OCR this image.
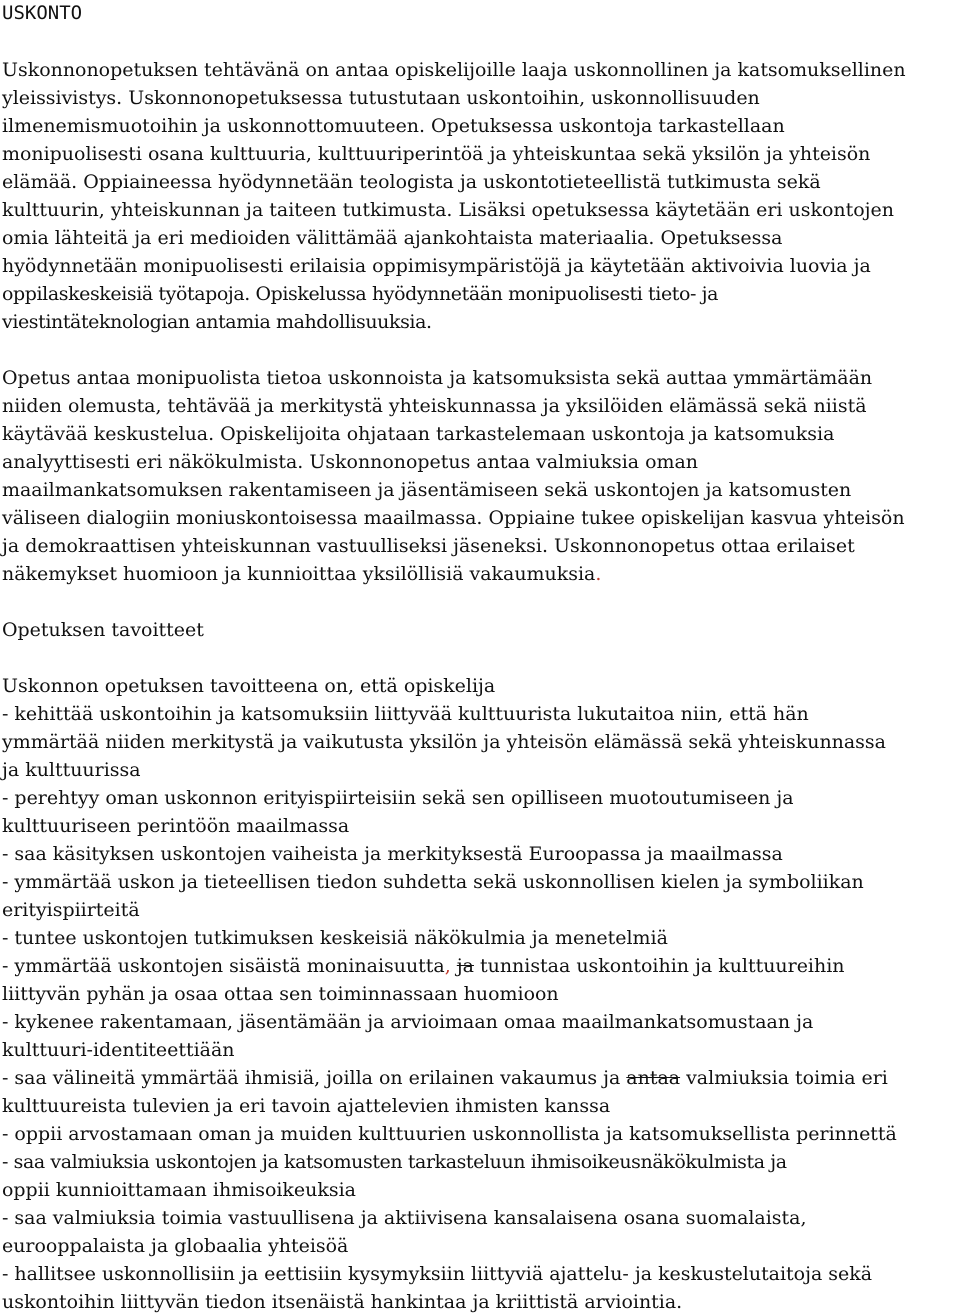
USKONTO
Uskonnonopetuksen tehtävänä on antaa opiskelijoille laaja uskonnollinen ja katsomuksellinen
yleissivistys. Uskonnonopetuksessa tutustutaan uskontoihin, uskonnollisuuden
ilmenemismuotoihin ja uskonnottomuuteen. Opetuksessa uskontoja tarkastellaan
monipuolisesti osana kulttuuria, kulttuuriperintöä ja yhteiskuntaa sekä yksilön ja yhteisön
elämää. Oppiaineessa hyödynnetään teologista ja uskontotieteellistä tutkimusta sekä
kulttuurin, yhteiskunnan ja taiteen tutkimusta. Lisäksi opetuksessa käytetään eri uskontojen
omia lähteitä ja eri medioiden välittämää ajankohtaista materiaalia. Opetuksessa
hyödynnetään monipuolisesti erilaisia oppimisympäristöjä ja käytetään aktivoivia luovia ja
oppilaskeskeisiä työtapoja. Opiskelussa hyödynnetään monipuolisesti tieto- ja
viestintäteknologian antamia mahdollisuuksia.
Opetus antaa monipuolista tietoa uskonnoista ja katsomuksista sekä auttaa ymmärtämään
niiden olemusta, tehtävää ja merkitystä yhteiskunnassa ja yksilöiden elämässä sekä niistä
käytävää keskustelua. Opiskelijoita ohjataan tarkastelemaan uskontoja ja katsomuksia
analyyttisesti eri näkökulmista. Uskonnonopetus antaa valmiuksia oman
maailmankatsomuksen rakentamiseen ja jäsentämiseen sekä uskontojen ja katsomusten
väliseen dialogiin moniuskontoisessa maailmassa. Oppiaine tukee opiskelijan kasvua yhteisön
ja demokraattisen yhteiskunnan vastuulliseksi jäseneksi. Uskonnonopetus ottaa erilaiset
näkemykset huomioon ja kunnioittaa yksilöllisiä vakaumuksia.
Opetuksen tavoitteet
Uskonnon opetuksen tavoitteena on, että opiskelija
- kehittää uskontoihin ja katsomuksiin liittyvää kulttuurista lukutaitoa niin, että hän
ymmärtää niiden merkitystä ja vaikutusta yksilön ja yhteisön elämässä sekä yhteiskunnassa
ja kulttuurissa
- perehtyy oman uskonnon erityispiirteisiin sekä sen opilliseen muotoutumiseen ja
kulttuuriseen perintöön maailmassa
- saa käsityksen uskontojen vaiheista ja merkityksestä Euroopassa ja maailmassa
- ymmärtää uskon ja tieteellisen tiedon suhdetta sekä uskonnollisen kielen ja symboliikan
erityispiirteitä
- tuntee uskontojen tutkimuksen keskeisiä näkökulmia ja menetelmiä
- ymmärtää uskontojen sisäistä moninaisuutta, ja tunnistaa uskontoihin ja kulttuureihin
liittyvän pyhän ja osaa ottaa sen toiminnassaan huomioon
- kykenee rakentamaan, jäsentämään ja arvioimaan omaa maailmankatsomustaan ja
kulttuuri-identiteettiään
- saa välineitä ymmärtää ihmisiä, joilla on erilainen vakaumus ja antaa valmiuksia toimia eri
kulttuureista tulevien ja eri tavoin ajattelevien ihmisten kanssa
- oppii arvostamaan oman ja muiden kulttuurien uskonnollista ja katsomuksellista perinnettä
- saa valmiuksia uskontojen ja katsomusten tarkasteluun ihmisoikeusnäkökulmista ja
oppii kunnioittamaan ihmisoikeuksia
- saa valmiuksia toimia vastuullisena ja aktiivisena kansalaisena osana suomalaista,
eurooppalaista ja globaalia yhteisöä
- hallitsee uskonnollisiin ja eettisiin kysymyksiin liittyviä ajattelu- ja keskustelutaitoja sekä
uskontoihin liittyvän tiedon itsenäistä hankintaa ja kriittistä arviointia.
